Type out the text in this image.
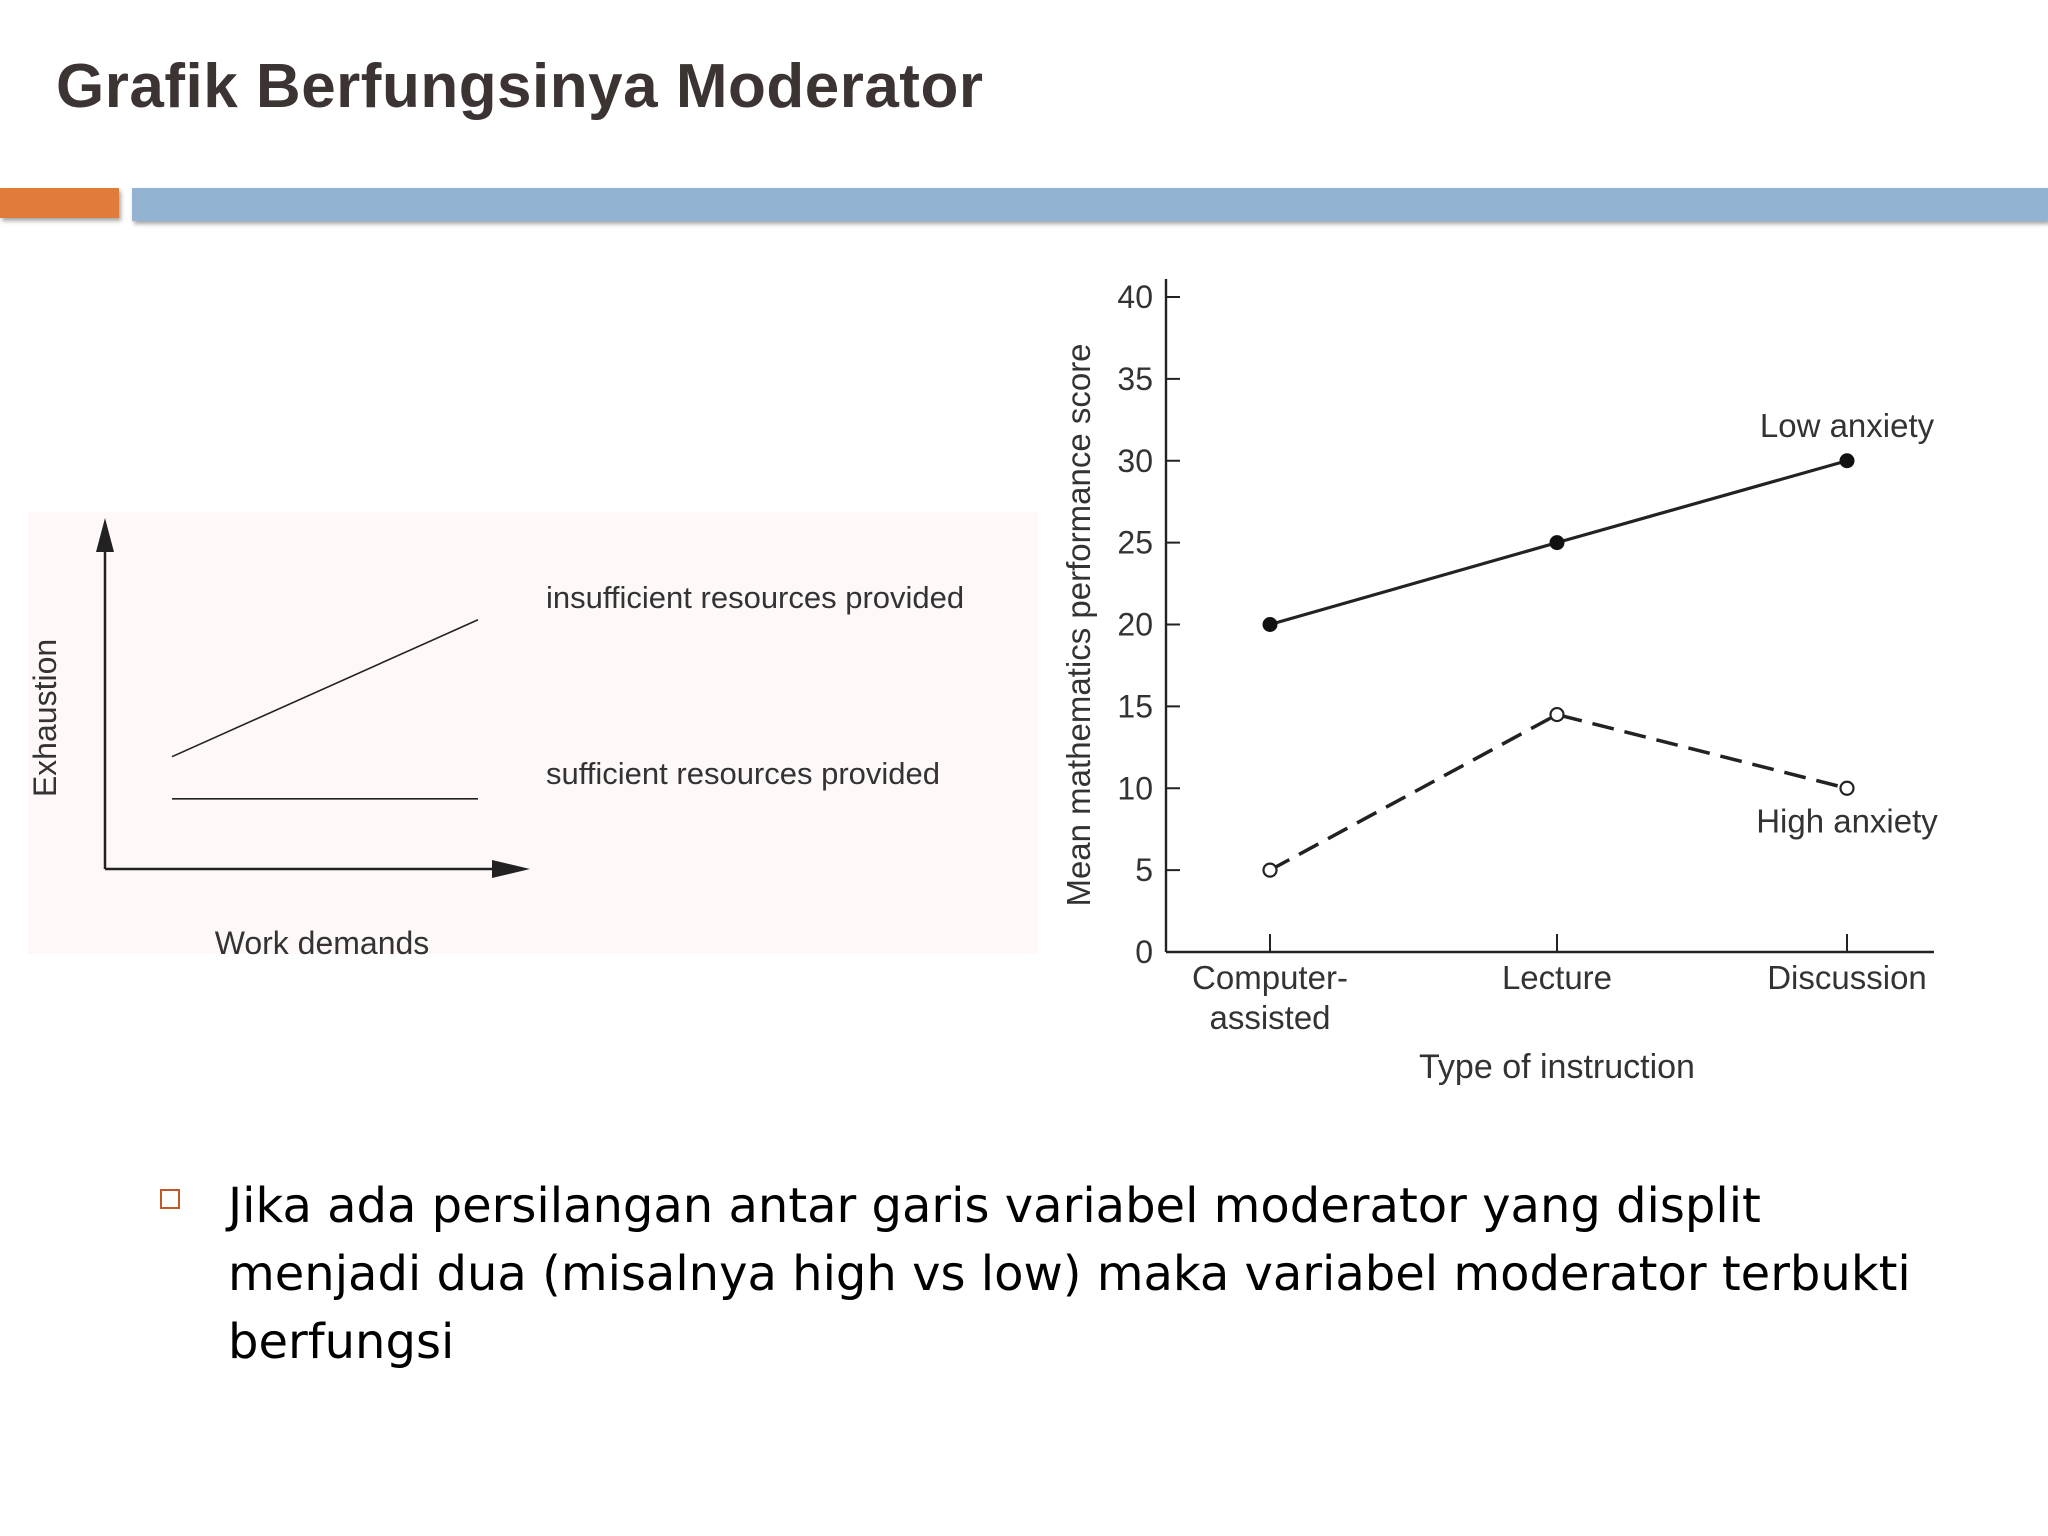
Grafik Berfungsinya Moderator
Work demands
Exhaustion
insufficient resources provided
sufficient resources provided
0
5
10
15
20
25
30
35
40
Computer-assisted
Lecture	Discussion
Type of instruction
Mean mathematics performance score	Low anxiety
High anxiety

Jika ada persilangan antar garis variabel moderator yang displit menjadi dua (misalnya high vs low) maka variabel moderator terbukti berfungsi
